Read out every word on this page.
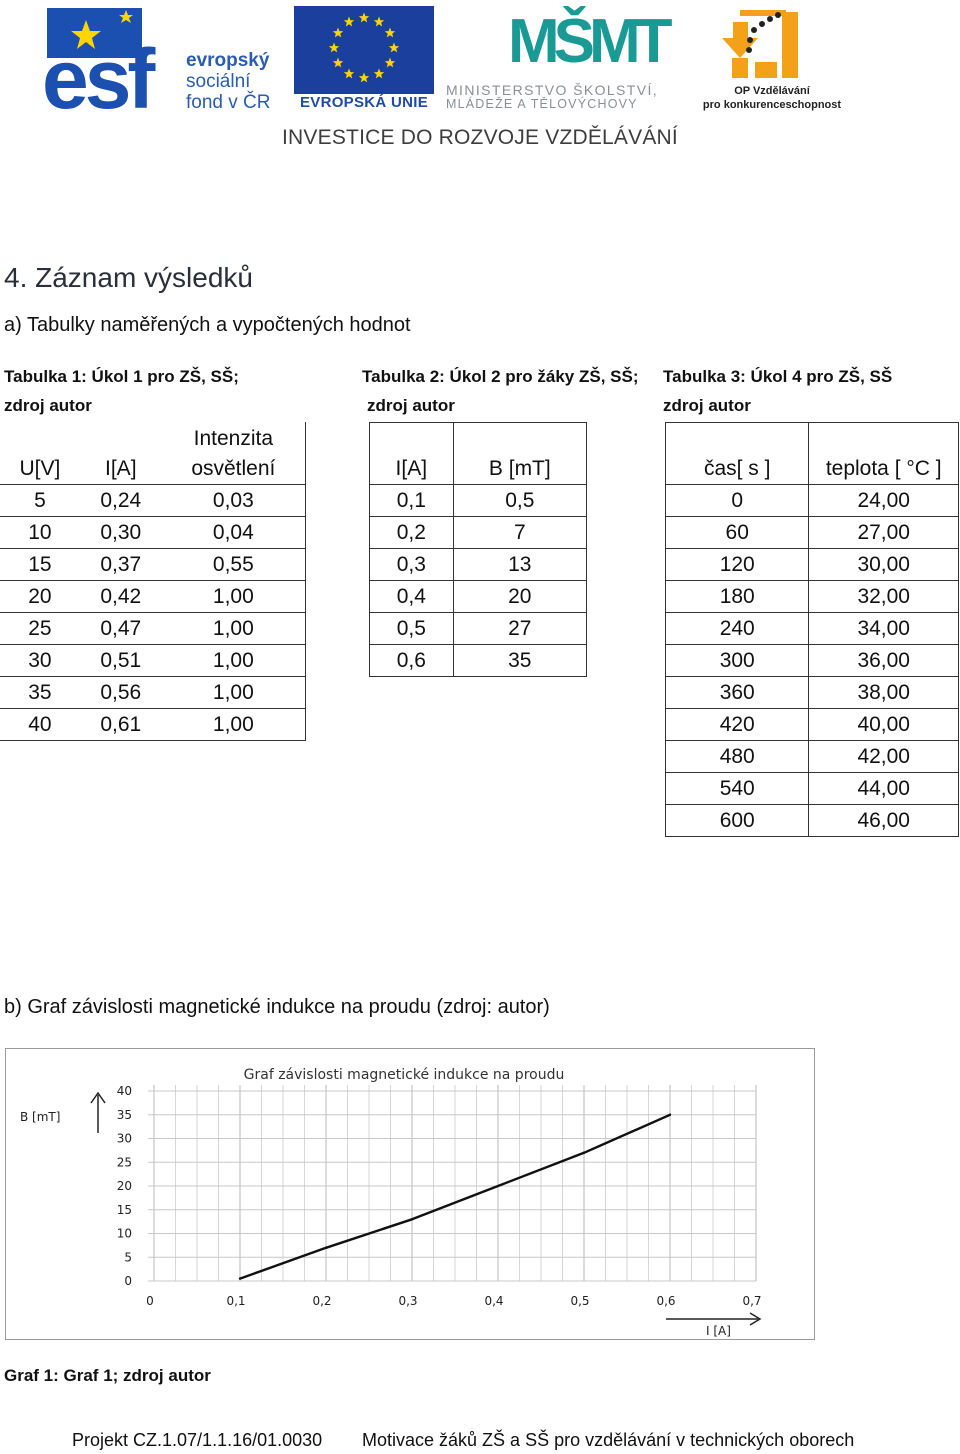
esf	MŠMT	2007-13
evropský
sociální
fond v ČR	EVROPSKÁ UNIE
MINISTERSTVO ŠKOLSTVÍ,
MLÁDEŽE A TĚLOVÝCHOVY
OP Vzdělávání
pro konkurenceschopnost
INVESTICE DO ROZVOJE VZDĚLÁVÁNÍ
4. Záznam výsledků
a) Tabulky naměřených a vypočtených hodnot
Tabulka 1: Úkol 1 pro ZŠ, SŠ;
zdroj autor
Tabulka 2: Úkol 2 pro žáky ZŠ, SŠ;
zdroj autor
Tabulka 3: Úkol 4 pro ZŠ, SŠ
zdroj autor
U[V]	I[A]	Intenzita
osvětlení

5	0,24	0,03
10	0,30	0,04
15	0,37	0,55
20	0,42	1,00
25	0,47	1,00
30	0,51	1,00
35	0,56	1,00
40	0,61	1,00
I[A]	B [mT]
0,1	0,5
0,2	7
0,3	13
0,4	20
0,5	27
0,6	35
čas[ s ]	teplota [ °C ]
0	24,00
60	27,00
120	30,00
180	32,00
240	34,00
300	36,00
360	38,00
420	40,00
480	42,00
540	44,00
600	46,00
b) Graf závislosti magnetické indukce na proudu (zdroj: autor)
0
5
10
15
20
25
30
35
40
0	0,1	0,2	0,3	0,4	0,5	0,6	0,7
Graf závislosti magnetické indukce na proudu
B [mT]
I [A]
Graf 1: Graf 1; zdroj autor
Projekt CZ.1.07/1.1.16/01.0030 Motivace žáků ZŠ a SŠ pro vzdělávání v technických oborech
